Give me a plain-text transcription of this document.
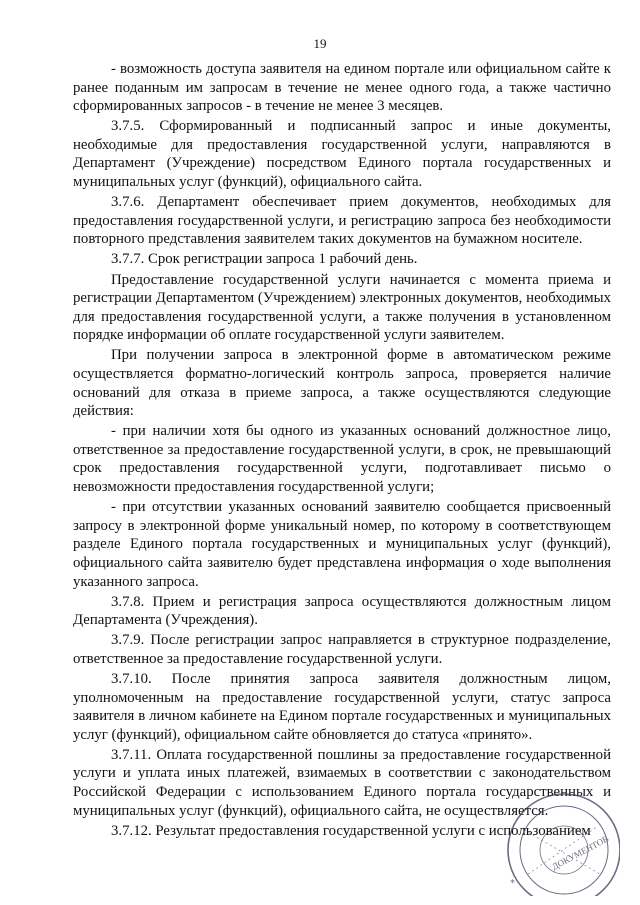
19

- возможность доступа заявителя на едином портале или официальном сайте к ранее поданным им запросам в течение не менее одного года, а также частично сформированных запросов - в течение не менее 3 месяцев.

3.7.5. Сформированный и подписанный запрос и иные документы, необходимые для предоставления государственной услуги, направляются в Департамент (Учреждение) посредством Единого портала государственных и муниципальных услуг (функций), официального сайта.

3.7.6. Департамент обеспечивает прием документов, необходимых для предоставления государственной услуги, и регистрацию запроса без необходимости повторного представления заявителем таких документов на бумажном носителе.

3.7.7. Срок регистрации запроса 1 рабочий день.

Предоставление государственной услуги начинается с момента приема и регистрации Департаментом (Учреждением) электронных документов, необходимых для предоставления государственной услуги, а также получения в установленном порядке информации об оплате государственной услуги заявителем.

При получении запроса в электронной форме в автоматическом режиме осуществляется форматно-логический контроль запроса, проверяется наличие оснований для отказа в приеме запроса, а также осуществляются следующие действия:

- при наличии хотя бы одного из указанных оснований должностное лицо, ответственное за предоставление государственной услуги, в срок, не превышающий срок предоставления государственной услуги, подготавливает письмо о невозможности предоставления государственной услуги;

- при отсутствии указанных оснований заявителю сообщается присвоенный запросу в электронной форме уникальный номер, по которому в соответствующем разделе Единого портала государственных и муниципальных услуг (функций), официального сайта заявителю будет представлена информация о ходе выполнения указанного запроса.

3.7.8. Прием и регистрация запроса осуществляются должностным лицом Департамента (Учреждения).

3.7.9. После регистрации запрос направляется в структурное подразделение, ответственное за предоставление государственной услуги.

3.7.10. После принятия запроса заявителя должностным лицом, уполномоченным на предоставление государственной услуги, статус запроса заявителя в личном кабинете на Едином портале государственных и муниципальных услуг (функций), официальном сайте обновляется до статуса «принято».

3.7.11. Оплата государственной пошлины за предоставление государственной услуги и уплата иных платежей, взимаемых в соответствии с законодательством Российской Федерации с использованием Единого портала государственных и муниципальных услуг (функций), официального сайта, не осуществляется.

3.7.12. Результат предоставления государственной услуги с использованием

ДОКУМЕНТОВ
*
